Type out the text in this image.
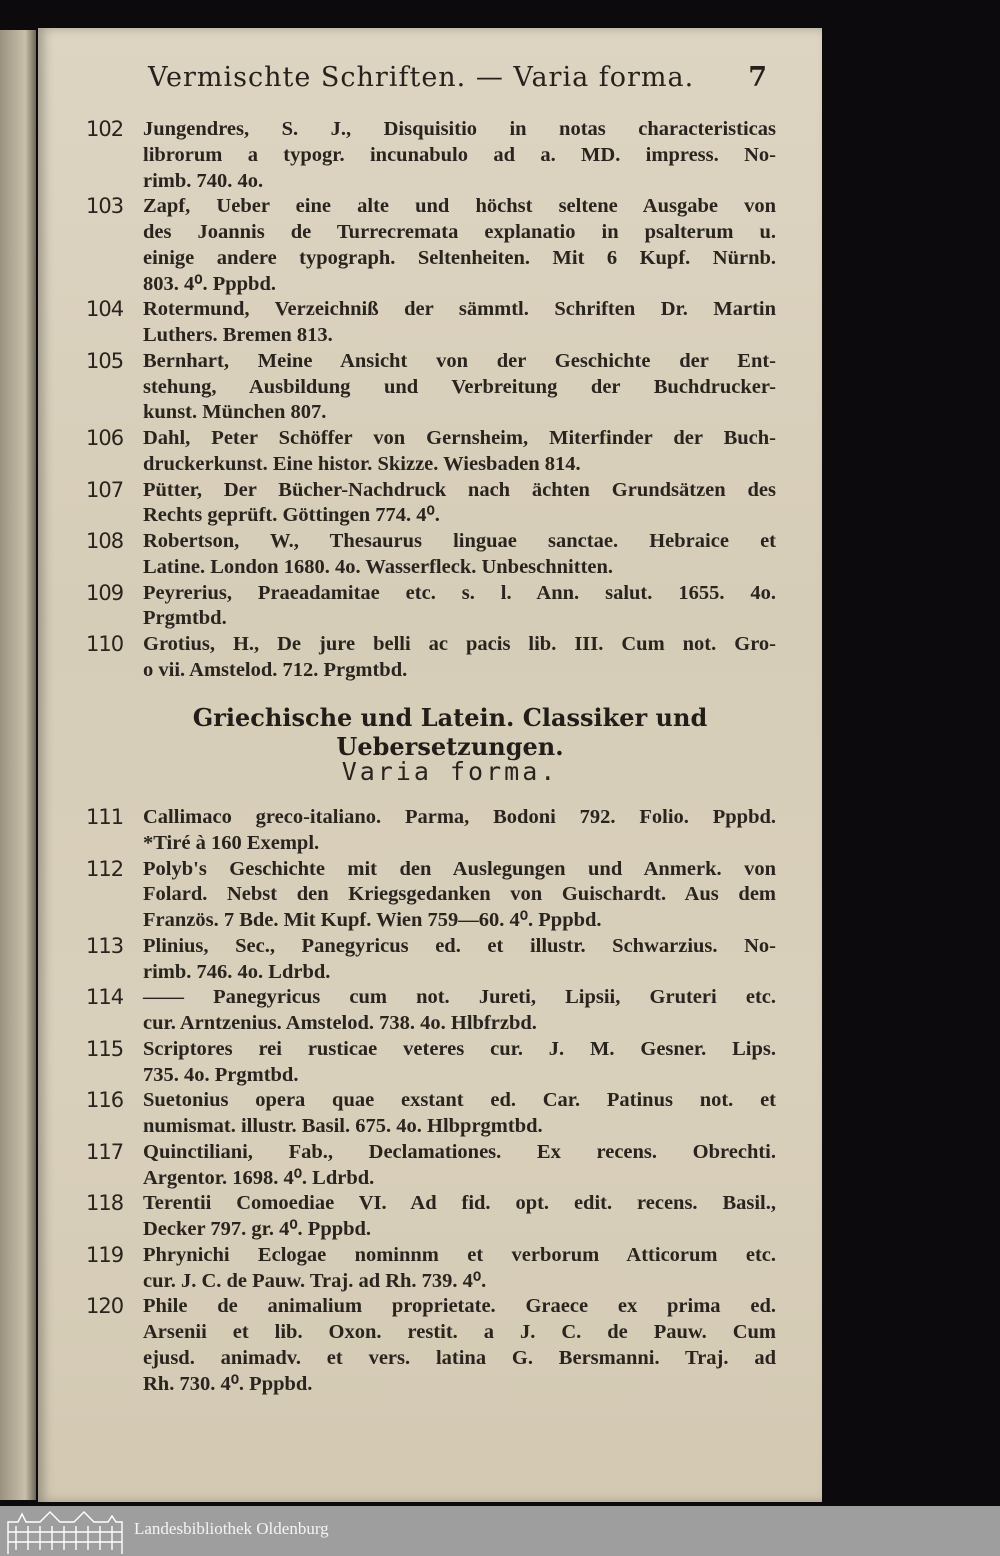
Vermischte Schriften. — Varia forma. 7
102 Jungendres, S. J., Disquisitio in notas characteristicas
librorum a typogr. incunabulo ad a. MD. impress. No-
rimb. 740. 4o.
103 Zapf, Ueber eine alte und höchst seltene Ausgabe von
des Joannis de Turrecremata explanatio in psalterum u.
einige andere typograph. Seltenheiten. Mit 6 Kupf. Nürnb.
803. 4⁰. Pppbd.
104 Rotermund, Verzeichniß der sämmtl. Schriften Dr. Martin
Luthers. Bremen 813.
105 Bernhart, Meine Ansicht von der Geschichte der Ent-
stehung, Ausbildung und Verbreitung der Buchdrucker-
kunst. München 807.
106 Dahl, Peter Schöffer von Gernsheim, Miterfinder der Buch-
druckerkunst. Eine histor. Skizze. Wiesbaden 814.
107 Pütter, Der Bücher-Nachdruck nach ächten Grundsätzen des
Rechts geprüft. Göttingen 774. 4⁰.
108 Robertson, W., Thesaurus linguae sanctae. Hebraice et
Latine. London 1680. 4o. Wasserfleck. Unbeschnitten.
109 Peyrerius, Praeadamitae etc. s. l. Ann. salut. 1655. 4o.
Prgmtbd.
110 Grotius, H., De jure belli ac pacis lib. III. Cum not. Gro-
o vii. Amstelod. 712. Prgmtbd.
Griechische und Latein. Classiker und Uebersetzungen.
Varia forma.
111 Callimaco greco-italiano. Parma, Bodoni 792. Folio. Pppbd.
*Tiré à 160 Exempl.
112 Polyb's Geschichte mit den Auslegungen und Anmerk. von
Folard. Nebst den Kriegsgedanken von Guischardt. Aus dem
Französ. 7 Bde. Mit Kupf. Wien 759—60. 4⁰. Pppbd.
113 Plinius, Sec., Panegyricus ed. et illustr. Schwarzius. No-
rimb. 746. 4o. Ldrbd.
114 —— Panegyricus cum not. Jureti, Lipsii, Gruteri etc.
cur. Arntzenius. Amstelod. 738. 4o. Hlbfrzbd.
115 Scriptores rei rusticae veteres cur. J. M. Gesner. Lips.
735. 4o. Prgmtbd.
116 Suetonius opera quae exstant ed. Car. Patinus not. et
numismat. illustr. Basil. 675. 4o. Hlbprgmtbd.
117 Quinctiliani, Fab., Declamationes. Ex recens. Obrechti.
Argentor. 1698. 4⁰. Ldrbd.
118 Terentii Comoediae VI. Ad fid. opt. edit. recens. Basil.,
Decker 797. gr. 4⁰. Pppbd.
119 Phrynichi Eclogae nominnm et verborum Atticorum etc.
cur. J. C. de Pauw. Traj. ad Rh. 739. 4⁰.
120 Phile de animalium proprietate. Graece ex prima ed.
Arsenii et lib. Oxon. restit. a J. C. de Pauw. Cum
ejusd. animadv. et vers. latina G. Bersmanni. Traj. ad
Rh. 730. 4⁰. Pppbd.
Landesbibliothek Oldenburg
